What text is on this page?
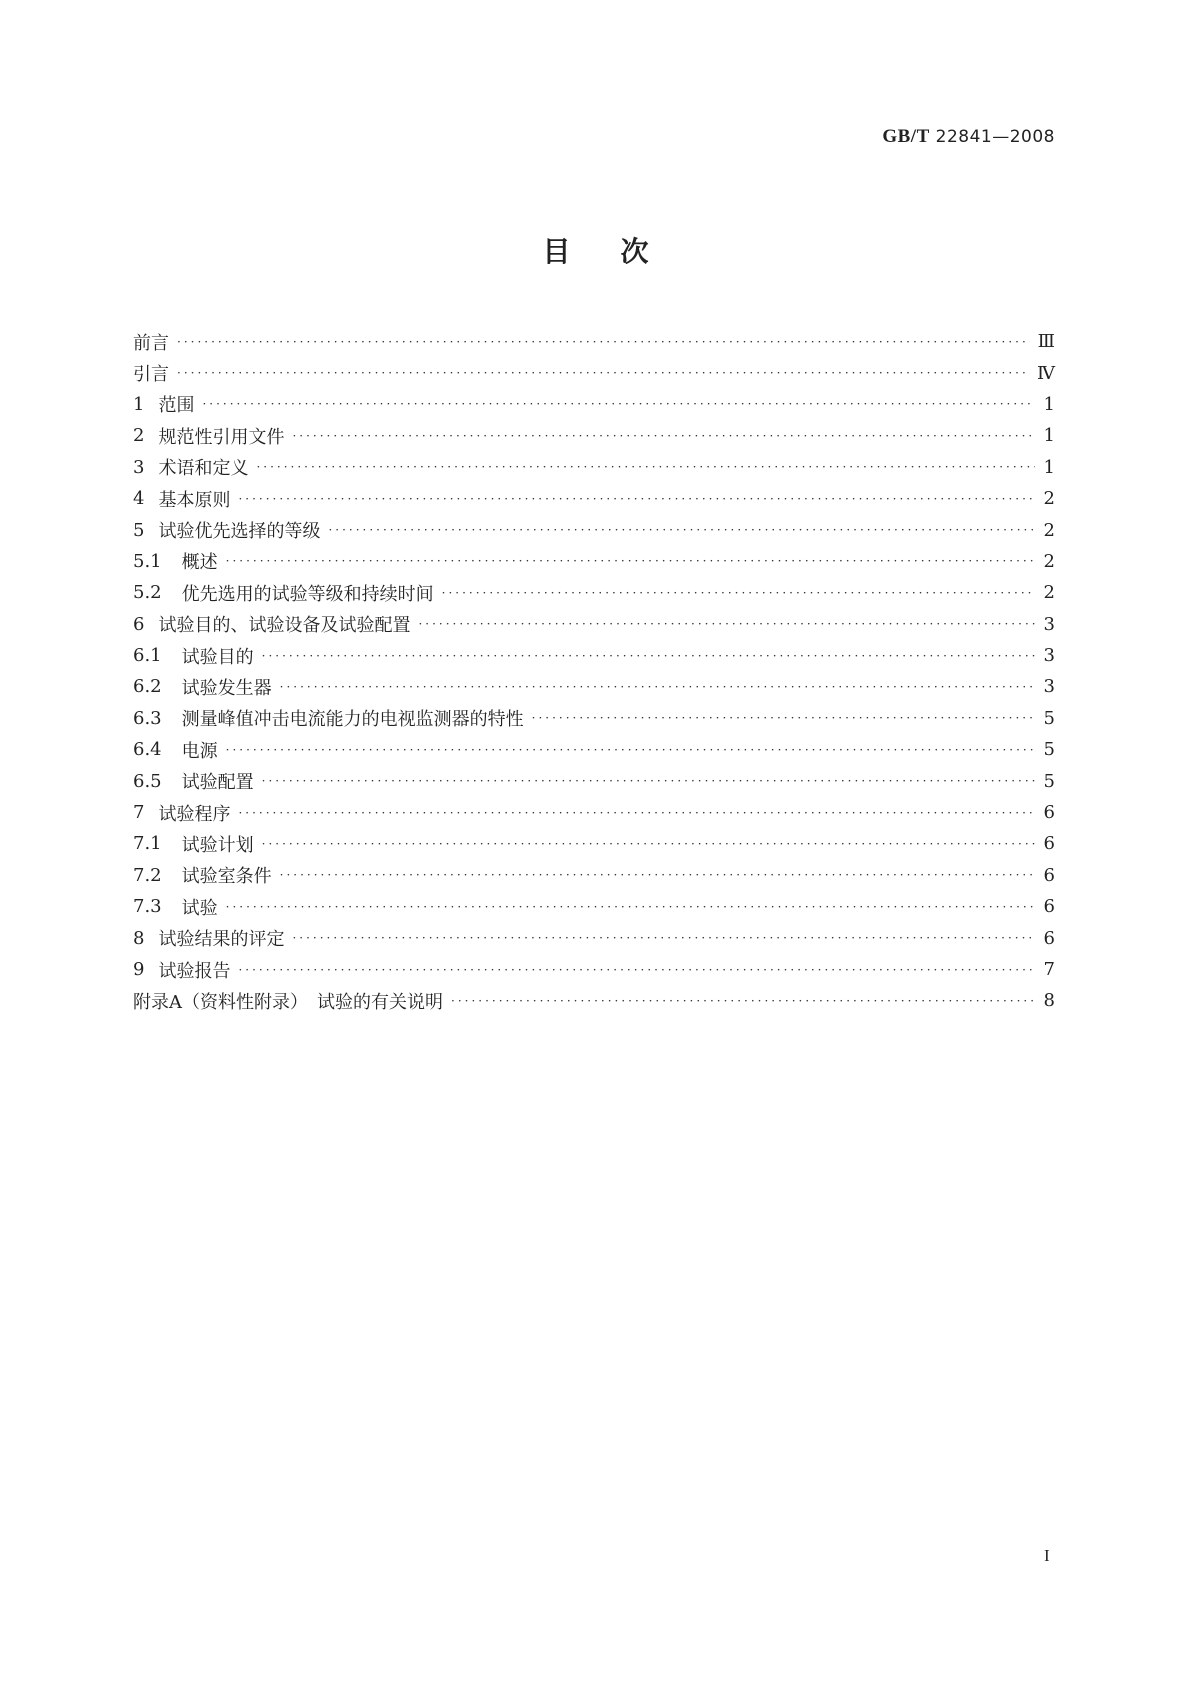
GB/T 22841—2008
目次
前言 ·····	Ⅲ
引言 ·····	Ⅳ
1 范围 ·····	1
2 规范性引用文件 ·····	1
3 术语和定义 ·····	1
4 基本原则 ·····	2
5 试验优先选择的等级 ·····	2
5.1 概述 ·····	2
5.2 优先选用的试验等级和持续时间 ·····	2
6 试验目的、试验设备及试验配置 ·····	3
6.1 试验目的 ·····	3
6.2 试验发生器 ·····	3
6.3 测量峰值冲击电流能力的电视监测器的特性 ·····	5
6.4 电源 ·····	5
6.5 试验配置 ·····	5
7 试验程序 ·····	6
7.1 试验计划 ·····	6
7.2 试验室条件 ·····	6
7.3 试验 ·····	6
8 试验结果的评定 ·····	6
9 试验报告 ·····	7
附录A（资料性附录）　试验的有关说明 ·····	8
I
